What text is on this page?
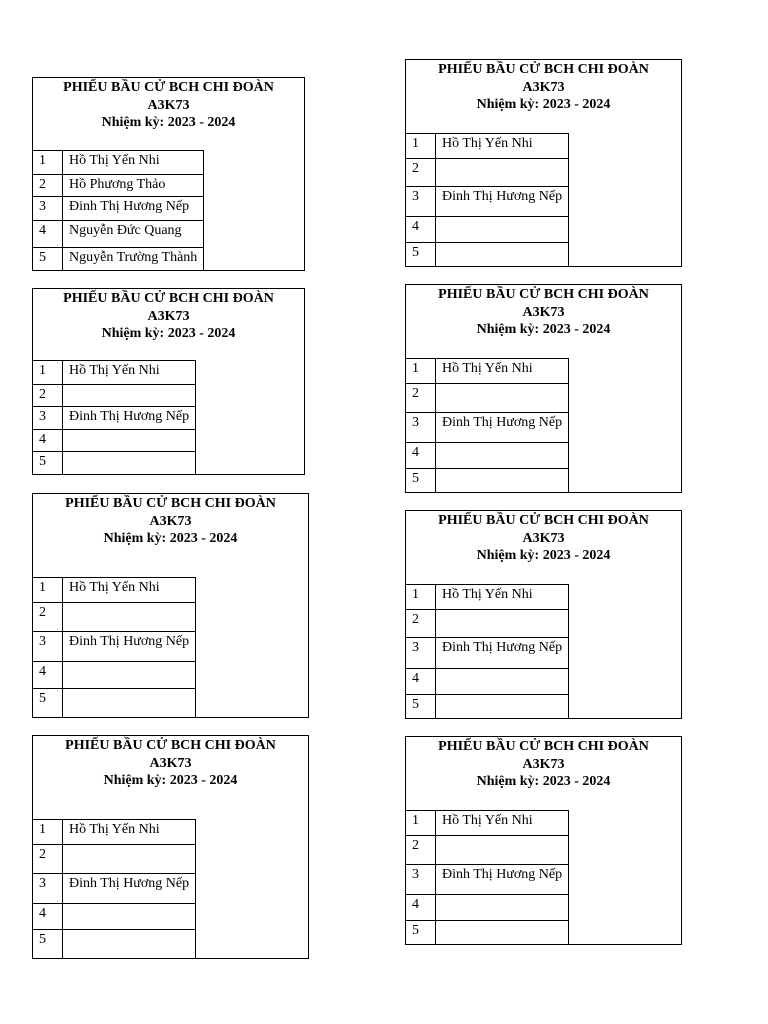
PHIẾU BẦU CỬ BCH CHI ĐOÀN
A3K73
Nhiệm kỳ: 2023 - 2024
1	Hồ Thị Yến Nhi
2	Hồ Phương Thảo
3	Đinh Thị Hương Nếp
4	Nguyễn Đức Quang
5	Nguyễn Trường Thành
PHIẾU BẦU CỬ BCH CHI ĐOÀN
A3K73
Nhiệm kỳ: 2023 - 2024
1	Hồ Thị Yến Nhi
2	
3	Đinh Thị Hương Nếp
4	
5	
PHIẾU BẦU CỬ BCH CHI ĐOÀN
A3K73
Nhiệm kỳ: 2023 - 2024
1	Hồ Thị Yến Nhi
2	
3	Đinh Thị Hương Nếp
4	
5	
PHIẾU BẦU CỬ BCH CHI ĐOÀN
A3K73
Nhiệm kỳ: 2023 - 2024
1	Hồ Thị Yến Nhi
2	
3	Đinh Thị Hương Nếp
4	
5	
PHIẾU BẦU CỬ BCH CHI ĐOÀN
A3K73
Nhiệm kỳ: 2023 - 2024
1	Hồ Thị Yến Nhi
2	
3	Đinh Thị Hương Nếp
4	
5	
PHIẾU BẦU CỬ BCH CHI ĐOÀN
A3K73
Nhiệm kỳ: 2023 - 2024
1	Hồ Thị Yến Nhi
2	
3	Đinh Thị Hương Nếp
4	
5	
PHIẾU BẦU CỬ BCH CHI ĐOÀN
A3K73
Nhiệm kỳ: 2023 - 2024
1	Hồ Thị Yến Nhi
2	
3	Đinh Thị Hương Nếp
4	
5	
PHIẾU BẦU CỬ BCH CHI ĐOÀN
A3K73
Nhiệm kỳ: 2023 - 2024
1	Hồ Thị Yến Nhi
2	
3	Đinh Thị Hương Nếp
4	
5	
